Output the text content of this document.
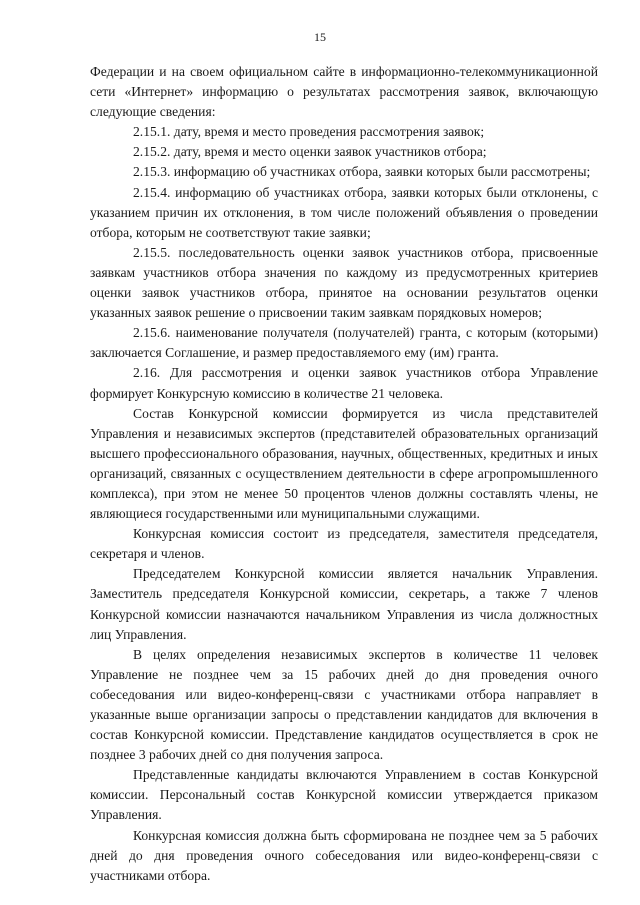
15

Федерации и на своем официальном сайте в информационно-телекоммуникационной сети «Интернет» информацию о результатах рассмотрения заявок, включающую следующие сведения:

2.15.1. дату, время и место проведения рассмотрения заявок;

2.15.2. дату, время и место оценки заявок участников отбора;

2.15.3. информацию об участниках отбора, заявки которых были рассмотрены;

2.15.4. информацию об участниках отбора, заявки которых были отклонены, с указанием причин их отклонения, в том числе положений объявления о проведении отбора, которым не соответствуют такие заявки;

2.15.5. последовательность оценки заявок участников отбора, присвоенные заявкам участников отбора значения по каждому из предусмотренных критериев оценки заявок участников отбора, принятое на основании результатов оценки указанных заявок решение о присвоении таким заявкам порядковых номеров;

2.15.6. наименование получателя (получателей) гранта, с которым (которыми) заключается Соглашение, и размер предоставляемого ему (им) гранта.

2.16. Для рассмотрения и оценки заявок участников отбора Управление формирует Конкурсную комиссию в количестве 21 человека.

Состав Конкурсной комиссии формируется из числа представителей Управления и независимых экспертов (представителей образовательных организаций высшего профессионального образования, научных, общественных, кредитных и иных организаций, связанных с осуществлением деятельности в сфере агропромышленного комплекса), при этом не менее 50 процентов членов должны составлять члены, не являющиеся государственными или муниципальными служащими.

Конкурсная комиссия состоит из председателя, заместителя председателя, секретаря и членов.

Председателем Конкурсной комиссии является начальник Управления. Заместитель председателя Конкурсной комиссии, секретарь, а также 7 членов Конкурсной комиссии назначаются начальником Управления из числа должностных лиц Управления.

В целях определения независимых экспертов в количестве 11 человек Управление не позднее чем за 15 рабочих дней до дня проведения очного собеседования или видео-конференц-связи с участниками отбора направляет в указанные выше организации запросы о представлении кандидатов для включения в состав Конкурсной комиссии. Представление кандидатов осуществляется в срок не позднее 3 рабочих дней со дня получения запроса.

Представленные кандидаты включаются Управлением в состав Конкурсной комиссии. Персональный состав Конкурсной комиссии утверждается приказом Управления.

Конкурсная комиссия должна быть сформирована не позднее чем за 5 рабочих дней до дня проведения очного собеседования или видео-конференц-связи с участниками отбора.
